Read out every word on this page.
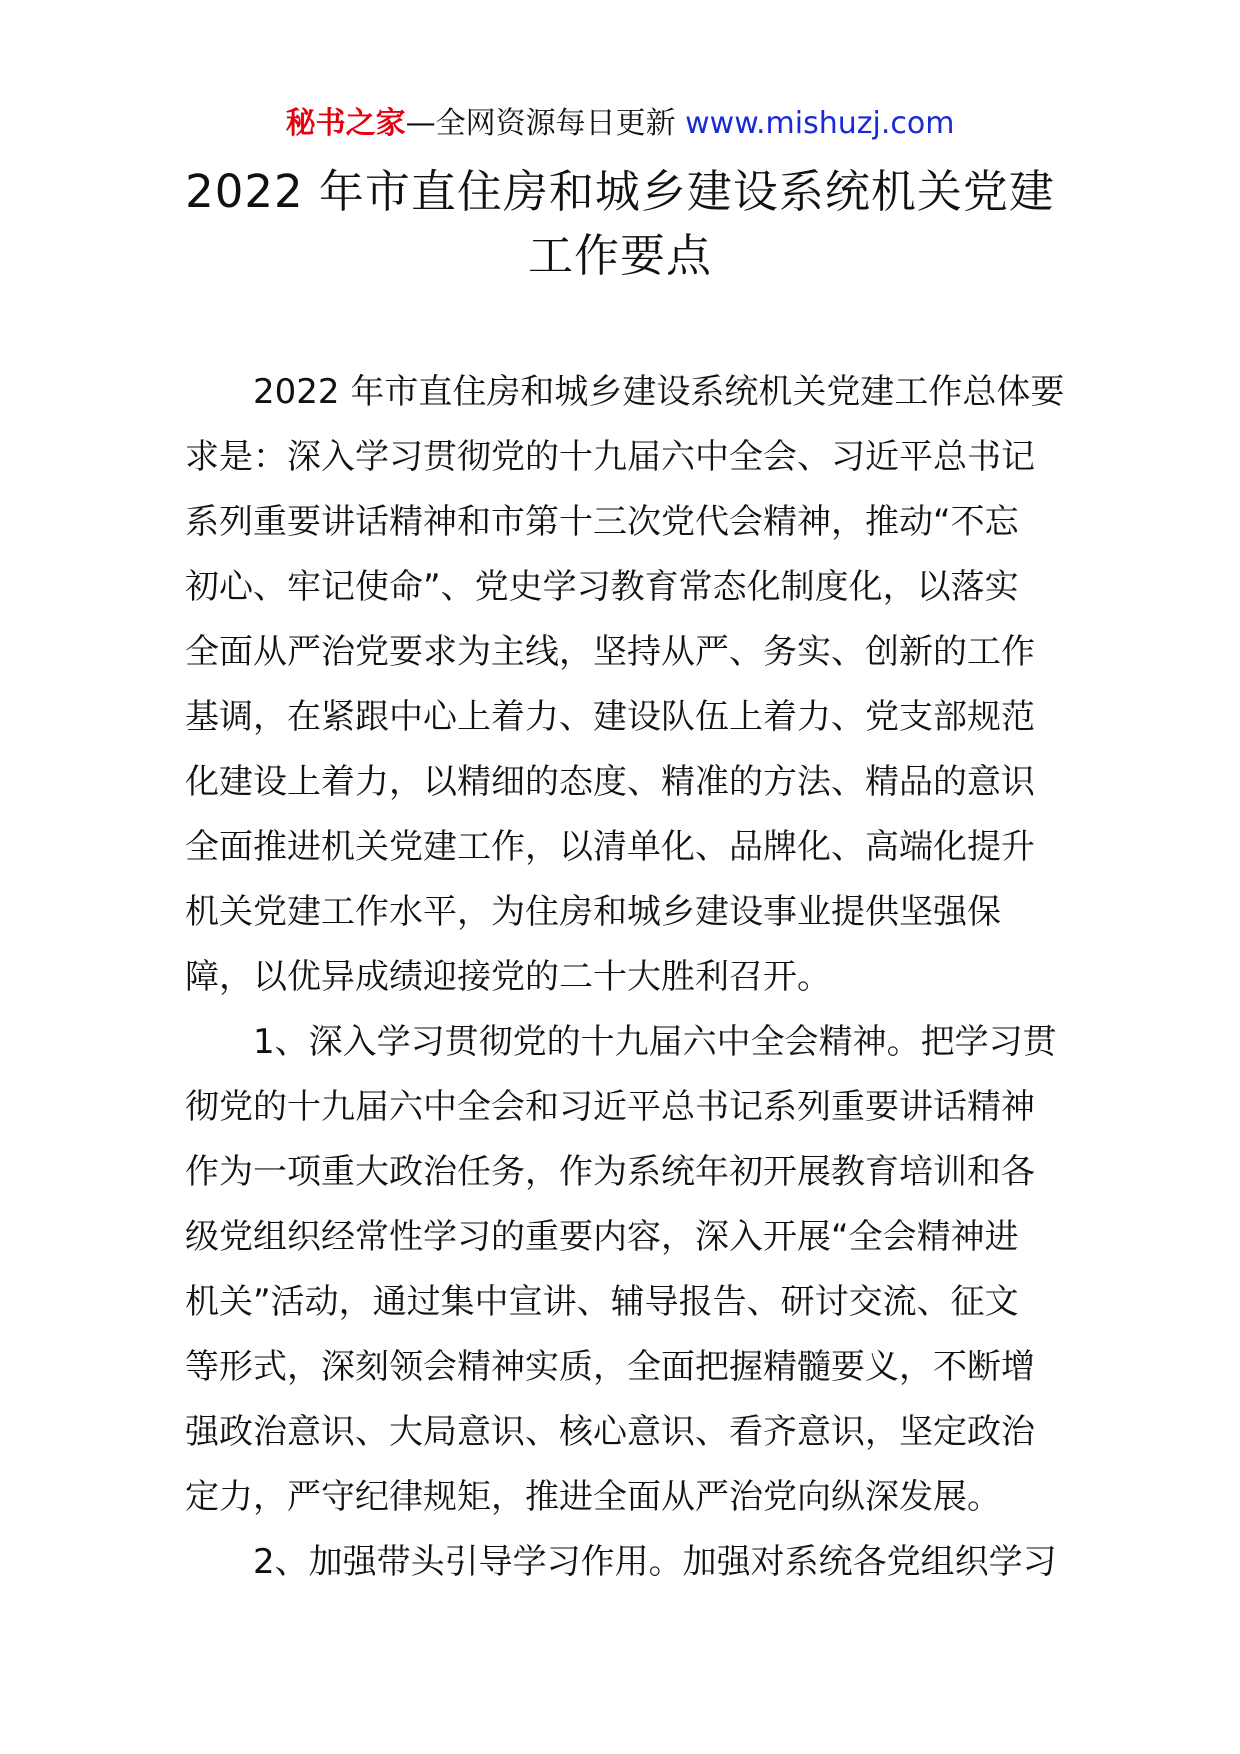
秘书之家—全网资源每日更新 www.mishuzj.com
2022 年市直住房和城乡建设系统机关党建
工作要点
2022 年市直住房和城乡建设系统机关党建工作总体要
求是：深入学习贯彻党的十九届六中全会、习近平总书记
系列重要讲话精神和市第十三次党代会精神，推动“不忘
初心、牢记使命”、党史学习教育常态化制度化，以落实
全面从严治党要求为主线，坚持从严、务实、创新的工作
基调，在紧跟中心上着力、建设队伍上着力、党支部规范
化建设上着力，以精细的态度、精准的方法、精品的意识
全面推进机关党建工作，以清单化、品牌化、高端化提升
机关党建工作水平，为住房和城乡建设事业提供坚强保
障，以优异成绩迎接党的二十大胜利召开。
1、深入学习贯彻党的十九届六中全会精神。把学习贯
彻党的十九届六中全会和习近平总书记系列重要讲话精神
作为一项重大政治任务，作为系统年初开展教育培训和各
级党组织经常性学习的重要内容，深入开展“全会精神进
机关”活动，通过集中宣讲、辅导报告、研讨交流、征文
等形式，深刻领会精神实质，全面把握精髓要义，不断增
强政治意识、大局意识、核心意识、看齐意识，坚定政治
定力，严守纪律规矩，推进全面从严治党向纵深发展。
2、加强带头引导学习作用。加强对系统各党组织学习
